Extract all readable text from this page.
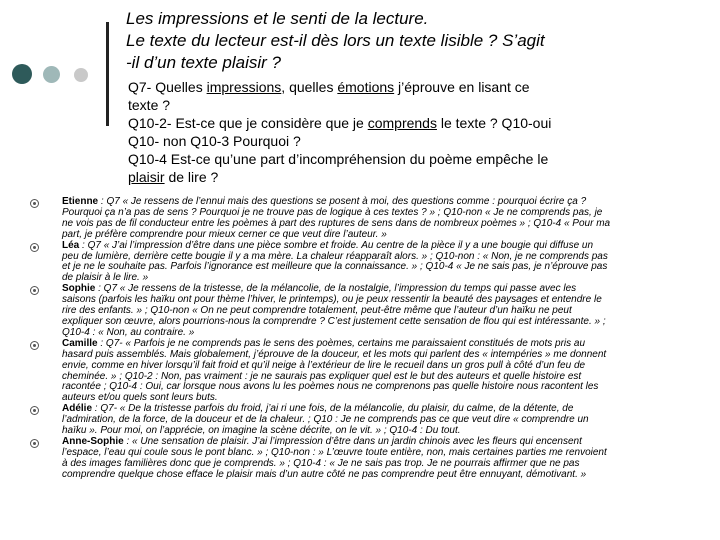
Les impressions et le senti de la lecture.
Le texte du lecteur est-il dès lors un texte lisible ? S’agit
-il d’un texte plaisir ?
Q7- Quelles impressions, quelles émotions j’éprouve en lisant ce
texte ?
Q10-2- Est-ce que je considère que je comprends le texte ? Q10-oui
Q10- non Q10-3 Pourquoi ?
Q10-4 Est-ce qu’une part d’incompréhension du poème empêche le
plaisir de lire ?
Etienne : Q7 « Je ressens de l’ennui mais des questions se posent à moi, des questions comme : pourquoi écrire ça ?
Pourquoi ça n’a pas de sens ? Pourquoi je ne trouve pas de logique à ces textes ? » ; Q10-non « Je ne comprends pas, je
ne vois pas de fil conducteur entre les poèmes à part des ruptures de sens dans de nombreux poèmes » ; Q10-4 « Pour ma
part, je préfère comprendre pour mieux cerner ce que veut dire l’auteur. »
Léa : Q7 « J’ai l’impression d’être dans une pièce sombre et froide. Au centre de la pièce il y a une bougie qui diffuse un
peu de lumière, derrière cette bougie il y a ma mère. La chaleur réapparaît alors. » ; Q10-non : « Non, je ne comprends pas
et je ne le souhaite pas. Parfois l’ignorance est meilleure que la connaissance. » ; Q10-4 « Je ne sais pas, je n’éprouve pas
de plaisir à le lire. »
Sophie : Q7 « Je ressens de la tristesse, de la mélancolie, de la nostalgie, l’impression du temps qui passe avec les
saisons (parfois les haïku ont pour thème l’hiver, le printemps), ou je peux ressentir la beauté des paysages et entendre le
rire des enfants. » ; Q10-non « On ne peut comprendre totalement, peut-être même que l’auteur d’un haïku ne peut
expliquer son œuvre, alors pourrions-nous la comprendre ? C’est justement cette sensation de flou qui est intéressante. » ;
Q10-4 : « Non, au contraire. »
Camille : Q7- « Parfois je ne comprends pas le sens des poèmes, certains me paraissaient constitués de mots pris au
hasard puis assemblés. Mais globalement, j’éprouve de la douceur, et les mots qui parlent des « intempéries » me donnent
envie, comme en hiver lorsqu’il fait froid et qu’il neige à l’extérieur de lire le recueil dans un gros pull à côté d’un feu de
cheminée. » ; Q10-2 : Non, pas vraiment : je ne saurais pas expliquer quel est le but des auteurs et quelle histoire est
racontée ; Q10-4 : Oui, car lorsque nous avons lu les poèmes nous ne comprenons pas quelle histoire nous racontent les
auteurs et/ou quels sont leurs buts.
Adélie : Q7- « De la tristesse parfois du froid, j’ai ri une fois, de la mélancolie, du plaisir, du calme, de la détente, de
l’admiration, de la force, de la douceur et de la chaleur. ; Q10 : Je ne comprends pas ce que veut dire « comprendre un
haïku ». Pour moi, on l’apprécie, on imagine la scène décrite, on le vit. » ; Q10-4 : Du tout.
Anne-Sophie : « Une sensation de plaisir. J’ai l’impression d’être dans un jardin chinois avec les fleurs qui encensent
l’espace, l’eau qui coule sous le pont blanc. » ; Q10-non : » L’œuvre toute entière, non, mais certaines parties me renvoient
à des images familières donc que je comprends. » ; Q10-4 : « Je ne sais pas trop. Je ne pourrais affirmer que ne pas
comprendre quelque chose efface le plaisir mais d’un autre côté ne pas comprendre peut être ennuyant, démotivant. »
